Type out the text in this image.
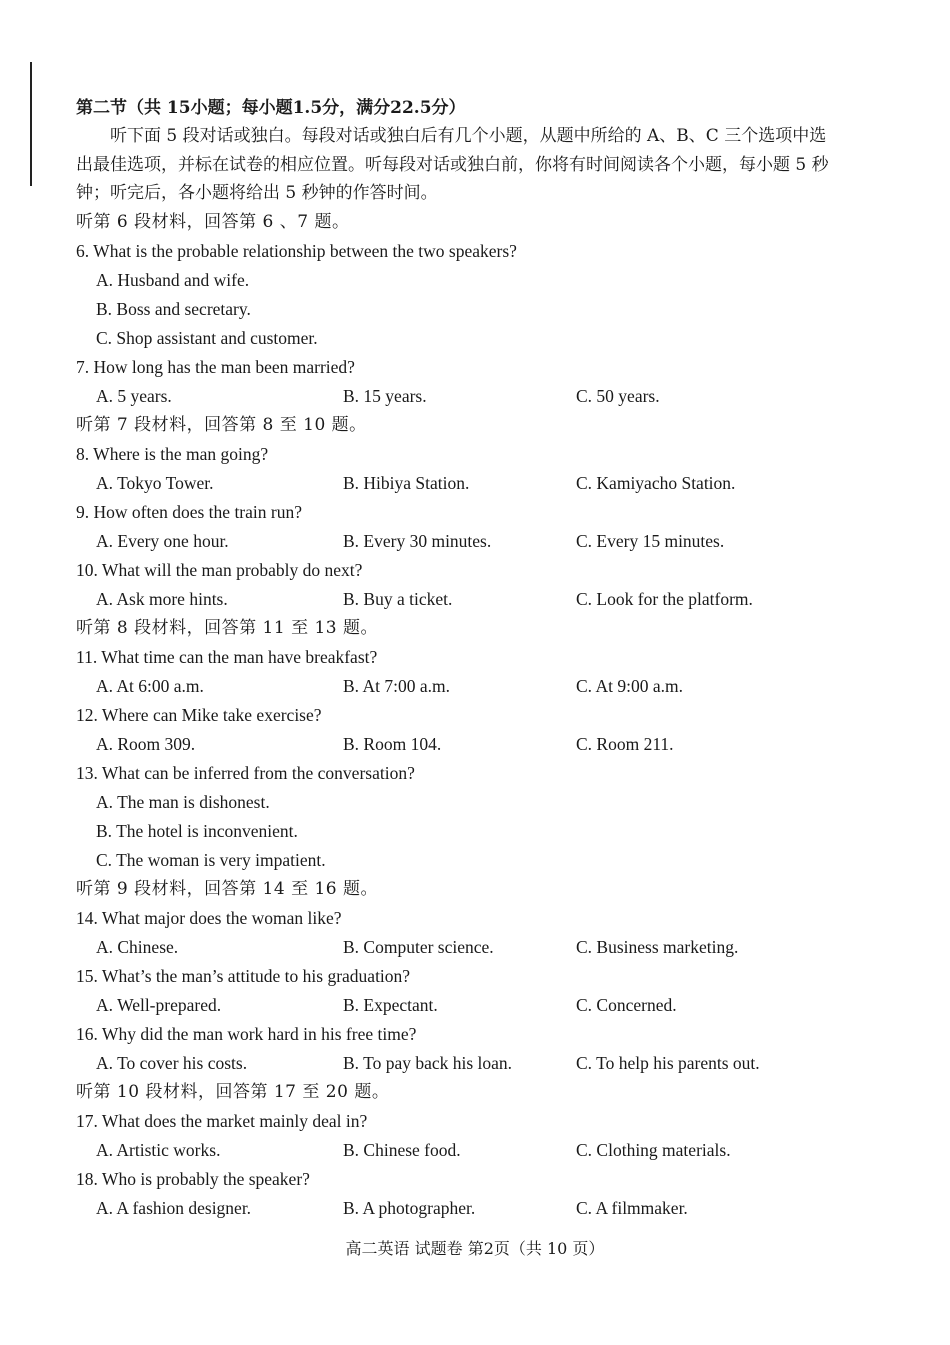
第二节（共 15小题；每小题1.5分，满分22.5分）
听下面 5 段对话或独白。每段对话或独白后有几个小题，从题中所给的 A、B、C 三个选项中选出最佳选项，并标在试卷的相应位置。听每段对话或独白前，你将有时间阅读各个小题，每小题 5 秒钟；听完后，各小题将给出 5 秒钟的作答时间。
听第 6 段材料，回答第 6 、7 题。
6. What is the probable relationship between the two speakers?
A. Husband and wife.
B. Boss and secretary.
C. Shop assistant and customer.
7. How long has the man been married?
A. 5 years.	B. 15 years.	C. 50 years.
听第 7 段材料，回答第 8 至 10 题。
8. Where is the man going?
A. Tokyo Tower.	B. Hibiya Station.	C. Kamiyacho Station.
9. How often does the train run?
A. Every one hour.	B. Every 30 minutes.	C. Every 15 minutes.
10. What will the man probably do next?
A. Ask more hints.	B. Buy a ticket.	C. Look for the platform.
听第 8 段材料，回答第 11 至 13 题。
11. What time can the man have breakfast?
A. At 6:00 a.m.	B. At 7:00 a.m.	C. At 9:00 a.m.
12. Where can Mike take exercise?
A. Room 309.	B. Room 104.	C. Room 211.
13. What can be inferred from the conversation?
A. The man is dishonest.
B. The hotel is inconvenient.
C. The woman is very impatient.
听第 9 段材料，回答第 14 至 16 题。
14. What major does the woman like?
A. Chinese.	B. Computer science.	C. Business marketing.
15. What’s the man’s attitude to his graduation?
A. Well-prepared.	B. Expectant.	C. Concerned.
16. Why did the man work hard in his free time?
A. To cover his costs.	B. To pay back his loan.	C. To help his parents out.
听第 10 段材料，回答第 17 至 20 题。
17. What does the market mainly deal in?
A. Artistic works.	B. Chinese food.	C. Clothing materials.
18. Who is probably the speaker?
A. A fashion designer.	B. A photographer.	C. A filmmaker.
高二英语 试题卷 第2页（共 10 页）
